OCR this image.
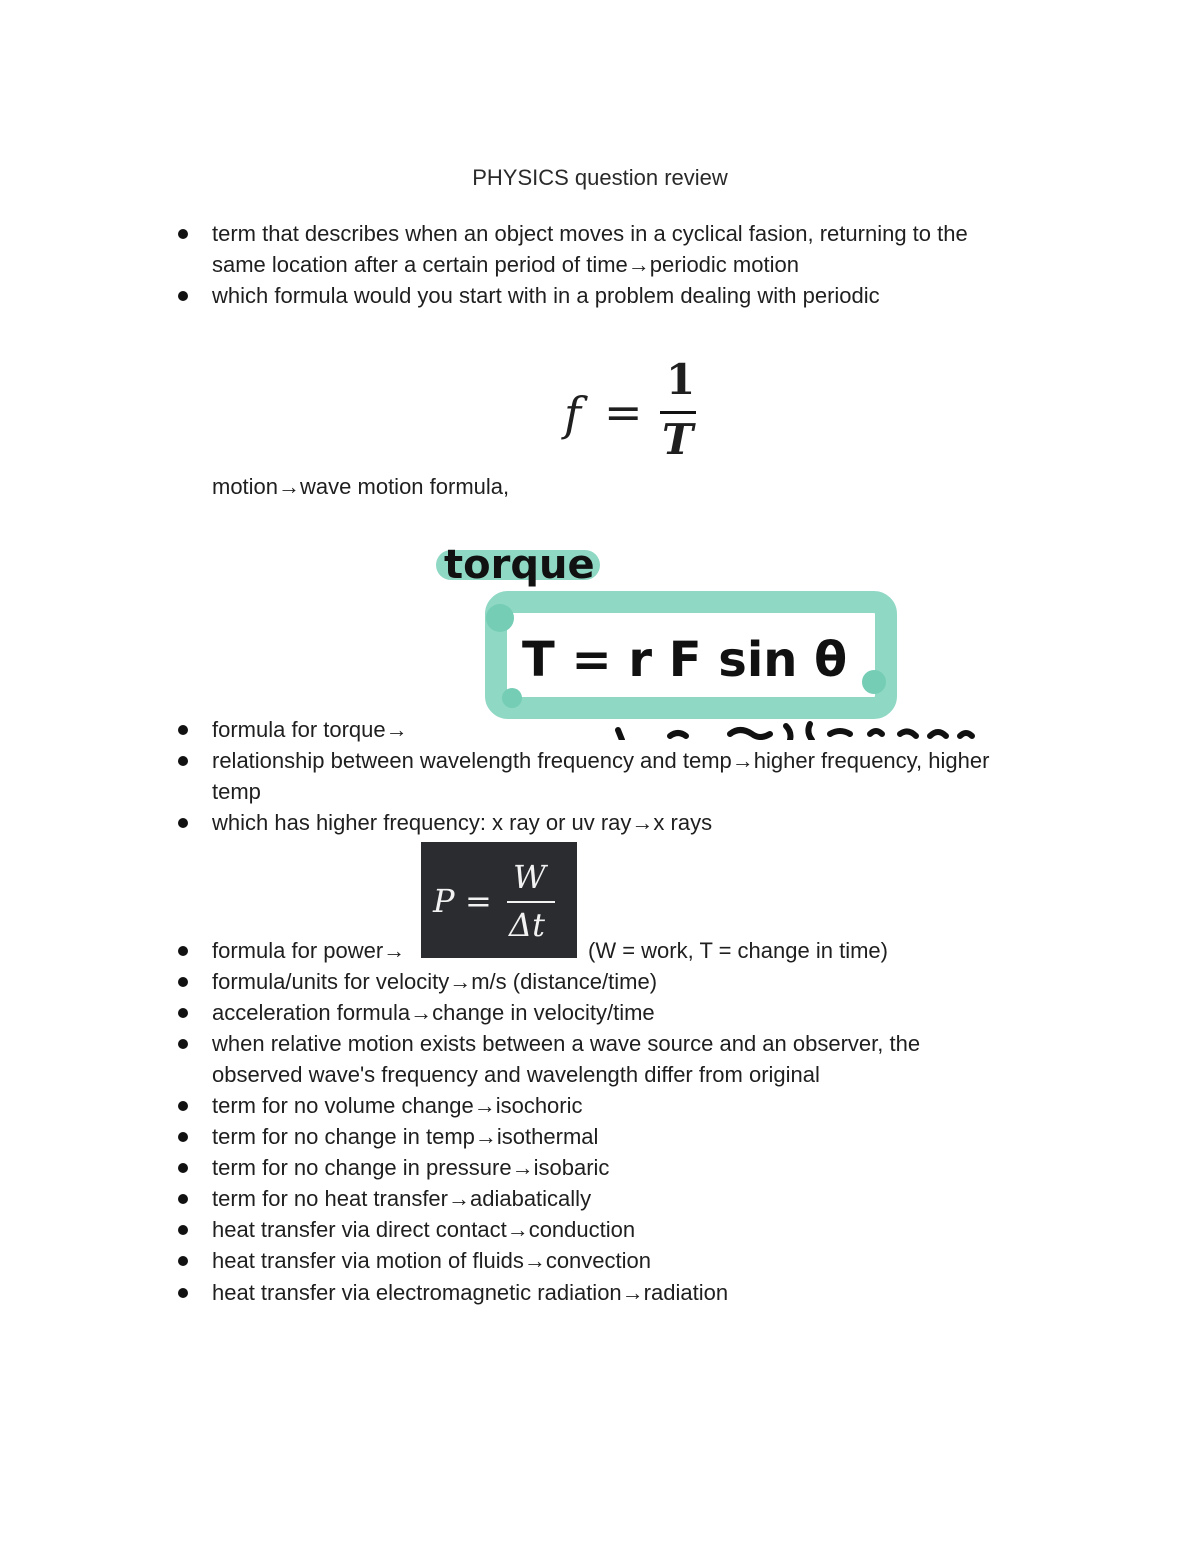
PHYSICS question review
term that describes when an object moves in a cyclical fasion, returning to the
same location after a certain period of time→periodic motion
which formula would you start with in a problem dealing with periodic
f =
1
T
motion→wave motion formula,
torque
T = r F sin θ
formula for torque→
relationship between wavelength frequency and temp→higher frequency, higher
temp
which has higher frequency: x ray or uv ray→x rays
P =
W
Δt
formula for power→	(W = work, T = change in time)
formula/units for velocity→m/s (distance/time)
acceleration formula→change in velocity/time
when relative motion exists between a wave source and an observer, the
observed wave's frequency and wavelength differ from original
term for no volume change→isochoric
term for no change in temp→isothermal
term for no change in pressure→isobaric
term for no heat transfer→adiabatically
heat transfer via direct contact→conduction
heat transfer via motion of fluids→convection
heat transfer via electromagnetic radiation→radiation
